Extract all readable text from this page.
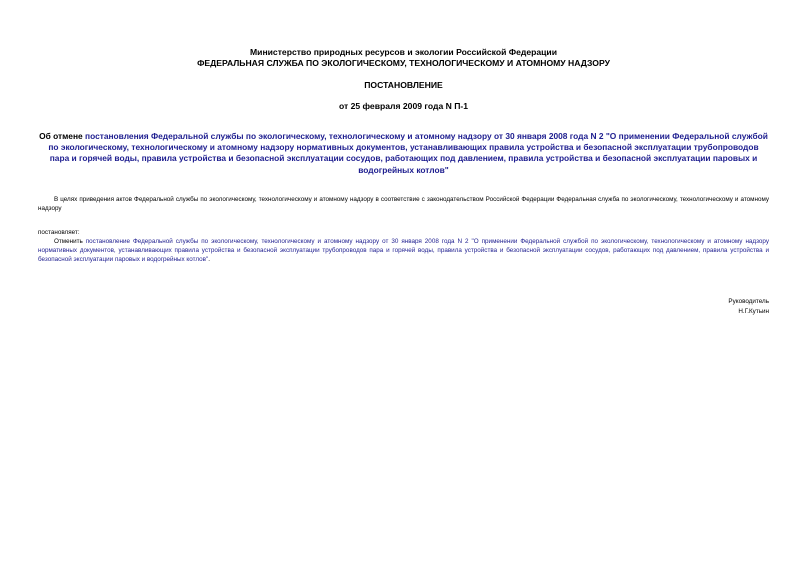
Министерство природных ресурсов и экологии Российской Федерации
ФЕДЕРАЛЬНАЯ СЛУЖБА ПО ЭКОЛОГИЧЕСКОМУ, ТЕХНОЛОГИЧЕСКОМУ И АТОМНОМУ НАДЗОРУ
ПОСТАНОВЛЕНИЕ
от 25 февраля 2009 года N П-1
Об отмене постановления Федеральной службы по экологическому, технологическому и атомному надзору от 30 января 2008 года N 2 "О применении Федеральной службой по экологическому, технологическому и атомному надзору нормативных документов, устанавливающих правила устройства и безопасной эксплуатации трубопроводов пара и горячей воды, правила устройства и безопасной эксплуатации сосудов, работающих под давлением, правила устройства и безопасной эксплуатации паровых и водогрейных котлов"
В целях приведения актов Федеральной службы по экологическому, технологическому и атомному надзору в соответствие с законодательством Российской Федерации Федеральная служба по экологическому, технологическому и атомному надзору
постановляет:
Отменить постановление Федеральной службы по экологическому, технологическому и атомному надзору от 30 января 2008 года N 2 "О применении Федеральной службой по экологическому, технологическому и атомному надзору нормативных документов, устанавливающих правила устройства и безопасной эксплуатации трубопроводов пара и горячей воды, правила устройства и безопасной эксплуатации сосудов, работающих под давлением, правила устройства и безопасной эксплуатации паровых и водогрейных котлов".
Руководитель
Н.Г.Кутьин
